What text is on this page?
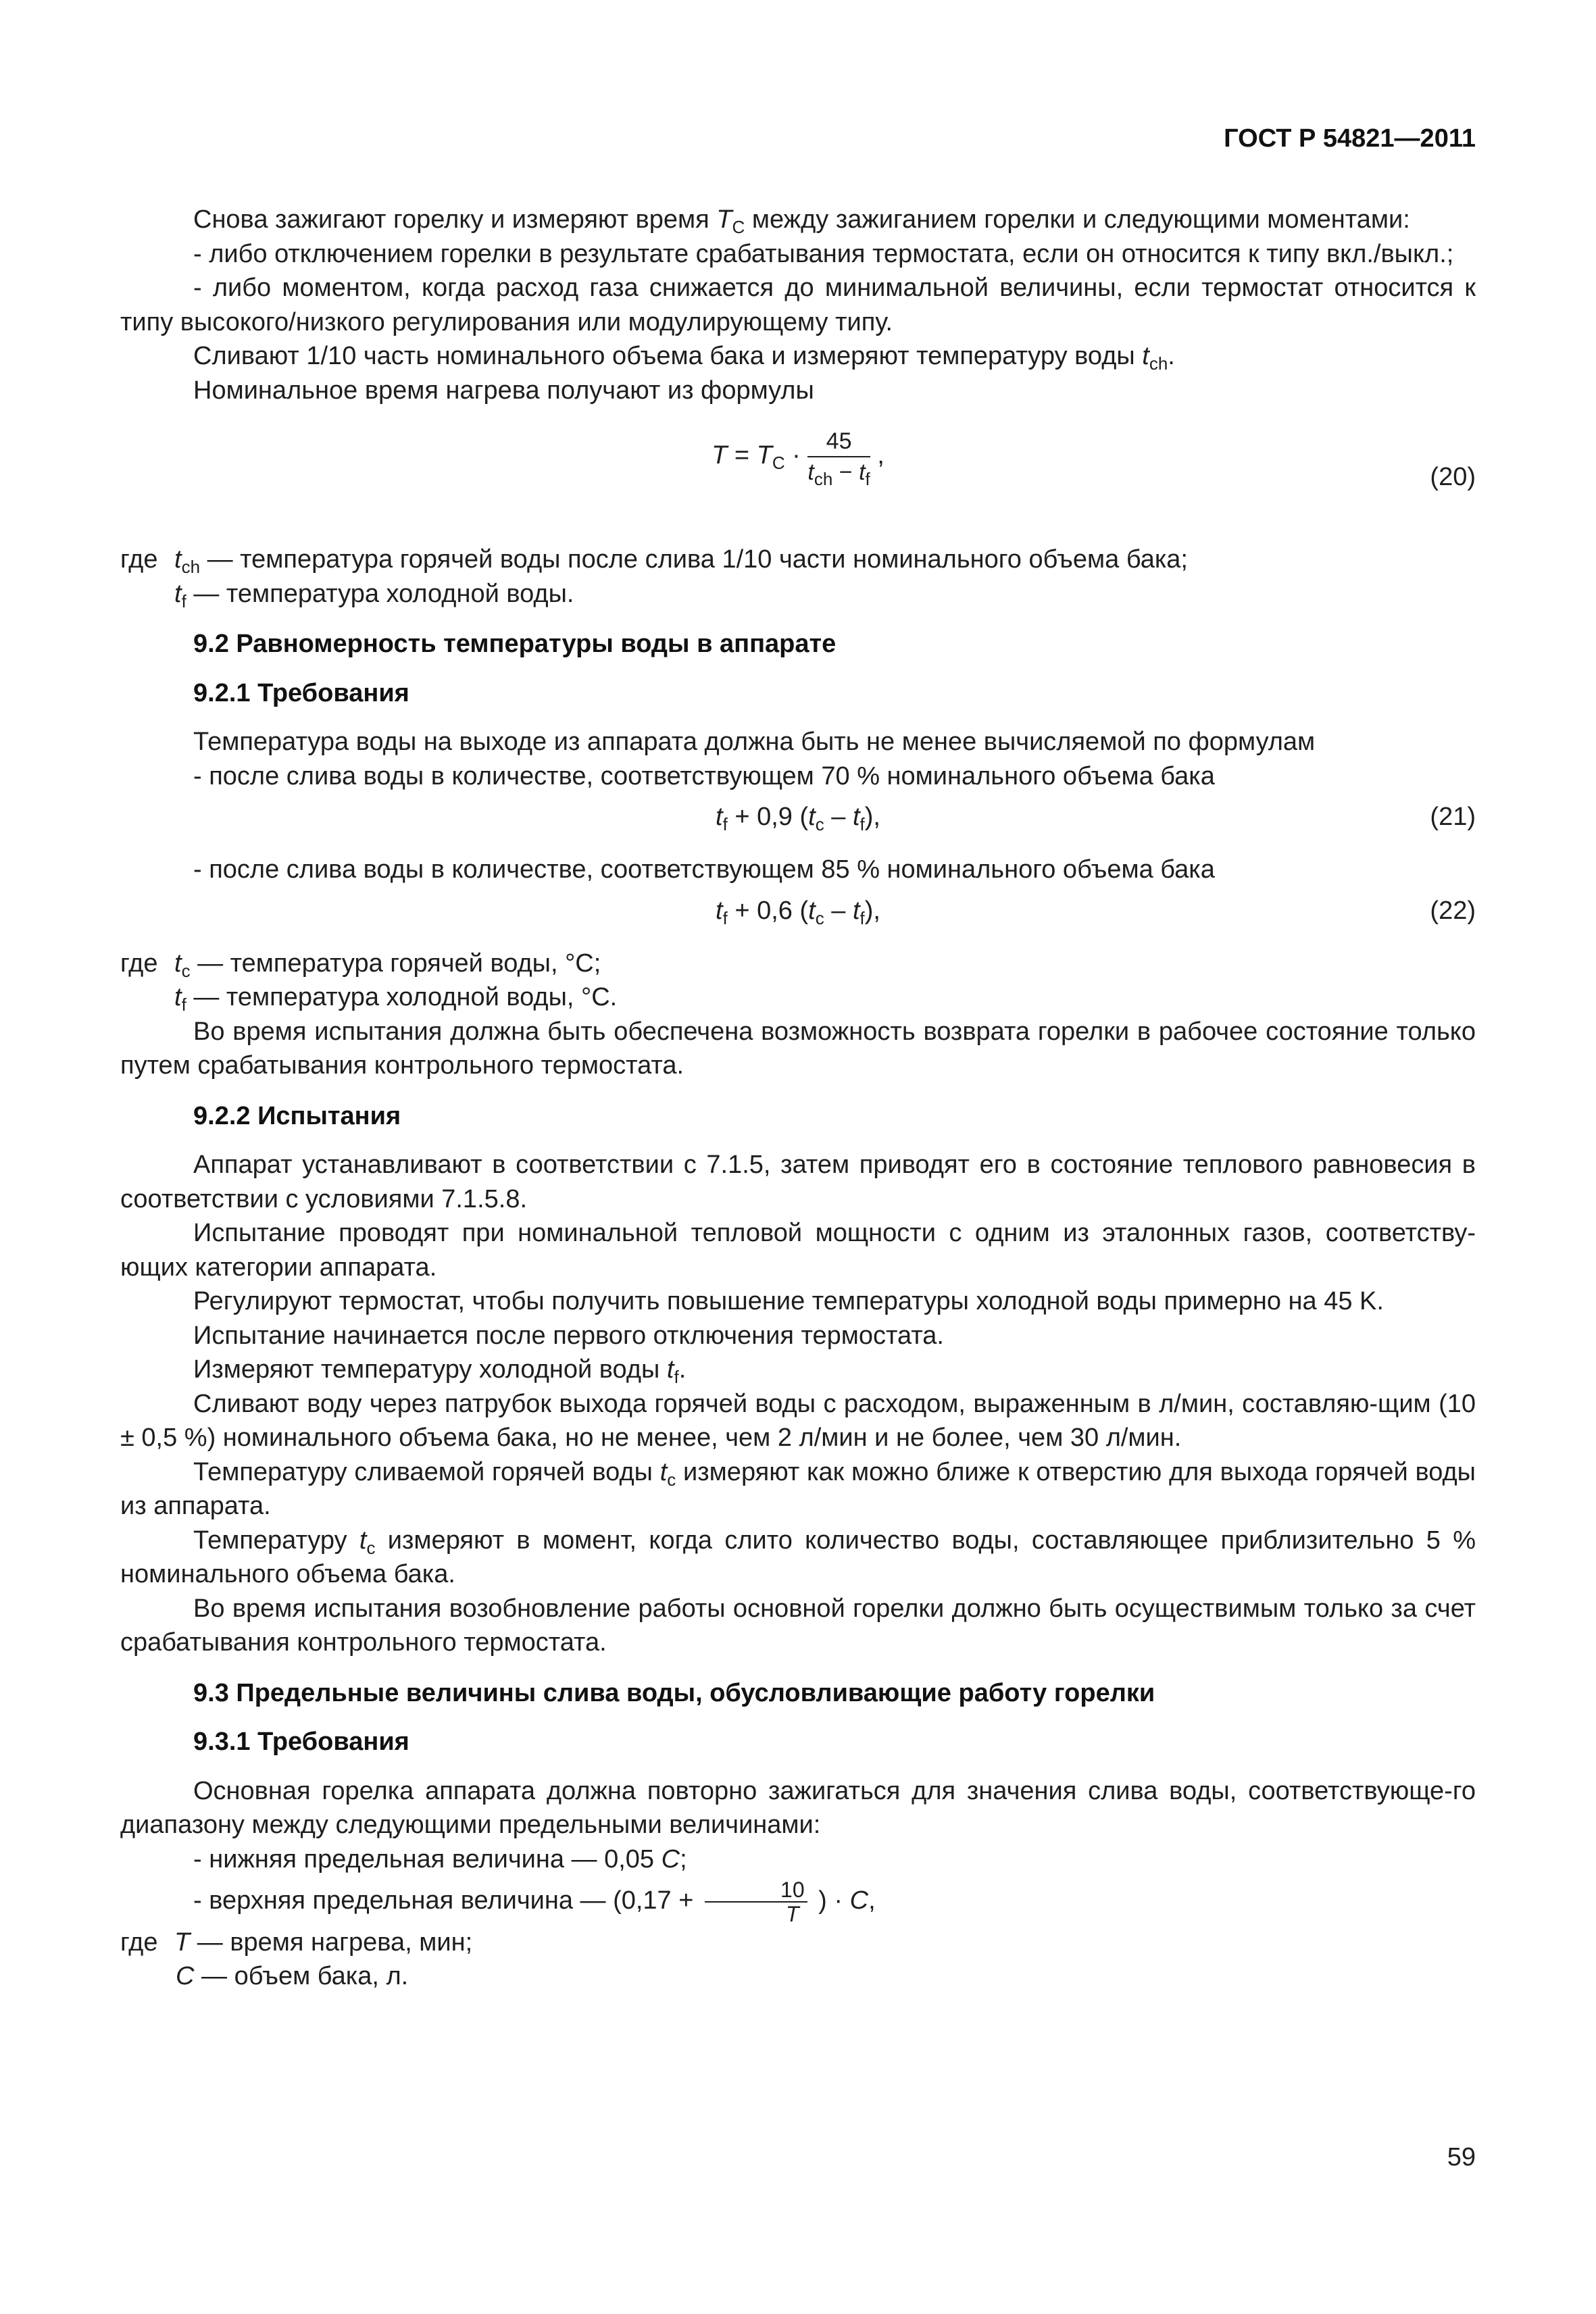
ГОСТ Р 54821—2011

Снова зажигают горелку и измеряют время $T_C$ между зажиганием горелки и следующими моментами:

- либо отключением горелки в результате срабатывания термостата, если он относится к типу вкл./выкл.;

- либо моментом, когда расход газа снижается до минимальной величины, если термостат относится к типу высокого/низкого регулирования или модулирующему типу.

Сливают 1/10 часть номинального объема бака и измеряют температуру воды $t_{ch}$.

Номинальное время нагрева получают из формулы

$T = T_C \cdot \frac{45}{t_{ch} - t_f}$ ,
(20)
где $t_{ch}$ — температура горячей воды после слива 1/10 части номинального объема бака;

$t_f$ — температура холодной воды.

9.2 Равномерность температуры воды в аппарате

9.2.1 Требования

Температура воды на выходе из аппарата должна быть не менее вычисляемой по формулам

- после слива воды в количестве, соответствующем 70 % номинального объема бака

$t_f + 0,9$ $(t_c - t_f)$,	(21)

- после слива воды в количестве, соответствующем 85 % номинального объема бака

$t_f + 0,6$ $(t_c - t_f)$,	(22)
где $t_c$ — температура горячей воды, °С;

$t_f$ — температура холодной воды, °С.

Во время испытания должна быть обеспечена возможность возврата горелки в рабочее состояние только путем срабатывания контрольного термостата.

9.2.2 Испытания

Аппарат устанавливают в соответствии с 7.1.5, затем приводят его в состояние теплового равновесия в соответствии с условиями 7.1.5.8.

Испытание проводят при номинальной тепловой мощности с одним из эталонных газов, соответству-ющих категории аппарата.

Регулируют термостат, чтобы получить повышение температуры холодной воды примерно на 45 K.

Испытание начинается после первого отключения термостата.

Измеряют температуру холодной воды $t_f$.

Сливают воду через патрубок выхода горячей воды с расходом, выраженным в л/мин, составляю-щим (10 ± 0,5 %) номинального объема бака, но не менее, чем 2 л/мин и не более, чем 30 л/мин.

Температуру сливаемой горячей воды $t_c$ измеряют как можно ближе к отверстию для выхода горячей воды из аппарата.

Температуру $t_c$ измеряют в момент, когда слито количество воды, составляющее приблизительно 5 % номинального объема бака.

Во время испытания возобновление работы основной горелки должно быть осуществимым только за счет срабатывания контрольного термостата.

9.3 Предельные величины слива воды, обусловливающие работу горелки

9.3.1 Требования

Основная горелка аппарата должна повторно зажигаться для значения слива воды, соответствующе-го диапазону между следующими предельными величинами:

- нижняя предельная величина — 0,05 C;

- верхняя предельная величина — ($0,17 + \frac{10}{T}$ ) · C,

где T — время нагрева, мин;

C — объем бака, л.

59
